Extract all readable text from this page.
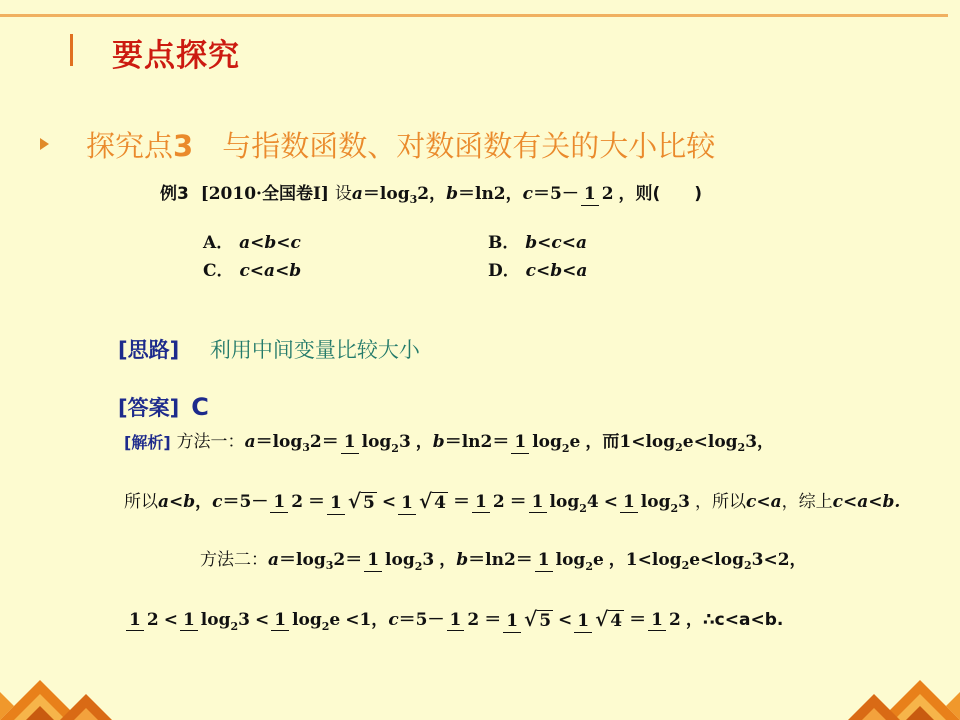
要点探究
探究点3　 与指数函数、对数函数有关的大小比较
例3
[2010·全国卷Ⅰ]
设 a ＝ log 3 2 ， b ＝ ln2 ， c ＝ 5 － 1 2 ，则(　　)
A．
a<b<c	B．
b<c<a
C．
c<a<b	D．
c<b<a
[思路] 利用中间变量比较大小
[答案] C
[解析]
方法一： a ＝ log 3 2 ＝ 1 log23 ， b ＝ ln2 ＝ 1 log2e ，而1< log 2 e < log 2 3 ，
所以 a<b ， c ＝ 5 － 1 2 ＝ 1 √ 5 < 1 √ 4 ＝ 1 2 ＝ 1 log24 < 1 log23 ，所以 c<a ，综上 c<a<b.
方法二： a ＝ log 3 2 ＝ 1 log23 ， b ＝ ln2 ＝ 1 log2e ，1< log 2 e < log 2 3 <2，
1 2 < 1 log23 < 1 log2e <1， c ＝ 5 － 1 2 ＝ 1 √ 5 < 1 √ 4 ＝ 1 2 ，∴c<a<b.
